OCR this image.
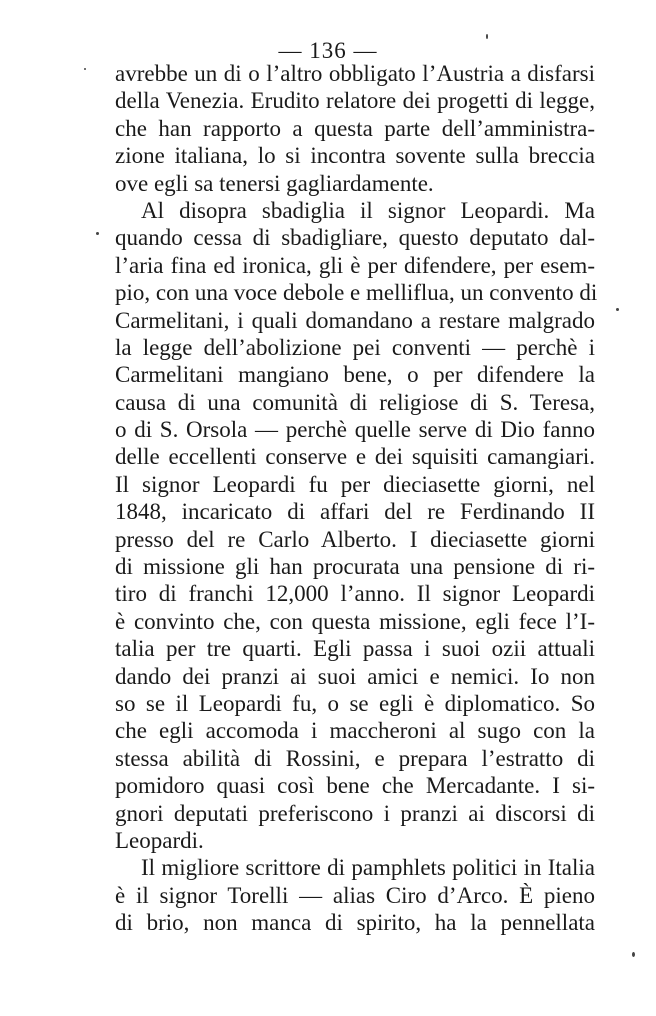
— 136 —
avrebbe un di o l’altro obbligato l’Austria a disfarsi
della Venezia. Erudito relatore dei progetti di legge,
che han rapporto a questa parte dell’amministra-
zione italiana, lo si incontra sovente sulla breccia
ove egli sa tenersi gagliardamente.
Al disopra sbadiglia il signor Leopardi. Ma
quando cessa di sbadigliare, questo deputato dal-
l’aria fina ed ironica, gli è per difendere, per esem-
pio, con una voce debole e melliflua, un convento di
Carmelitani, i quali domandano a restare malgrado
la legge dell’abolizione pei conventi — perchè i
Carmelitani mangiano bene, o per difendere la
causa di una comunità di religiose di S. Teresa,
o di S. Orsola — perchè quelle serve di Dio fanno
delle eccellenti conserve e dei squisiti camangiari.
Il signor Leopardi fu per dieciasette giorni, nel
1848, incaricato di affari del re Ferdinando II
presso del re Carlo Alberto. I dieciasette giorni
di missione gli han procurata una pensione di ri-
tiro di franchi 12,000 l’anno. Il signor Leopardi
è convinto che, con questa missione, egli fece l’I-
talia per tre quarti. Egli passa i suoi ozii attuali
dando dei pranzi ai suoi amici e nemici. Io non
so se il Leopardi fu, o se egli è diplomatico. So
che egli accomoda i maccheroni al sugo con la
stessa abilità di Rossini, e prepara l’estratto di
pomidoro quasi così bene che Mercadante. I si-
gnori deputati preferiscono i pranzi ai discorsi di
Leopardi.
Il migliore scrittore di pamphlets politici in Italia
è il signor Torelli — alias Ciro d’Arco. È pieno
di brio, non manca di spirito, ha la pennellata
